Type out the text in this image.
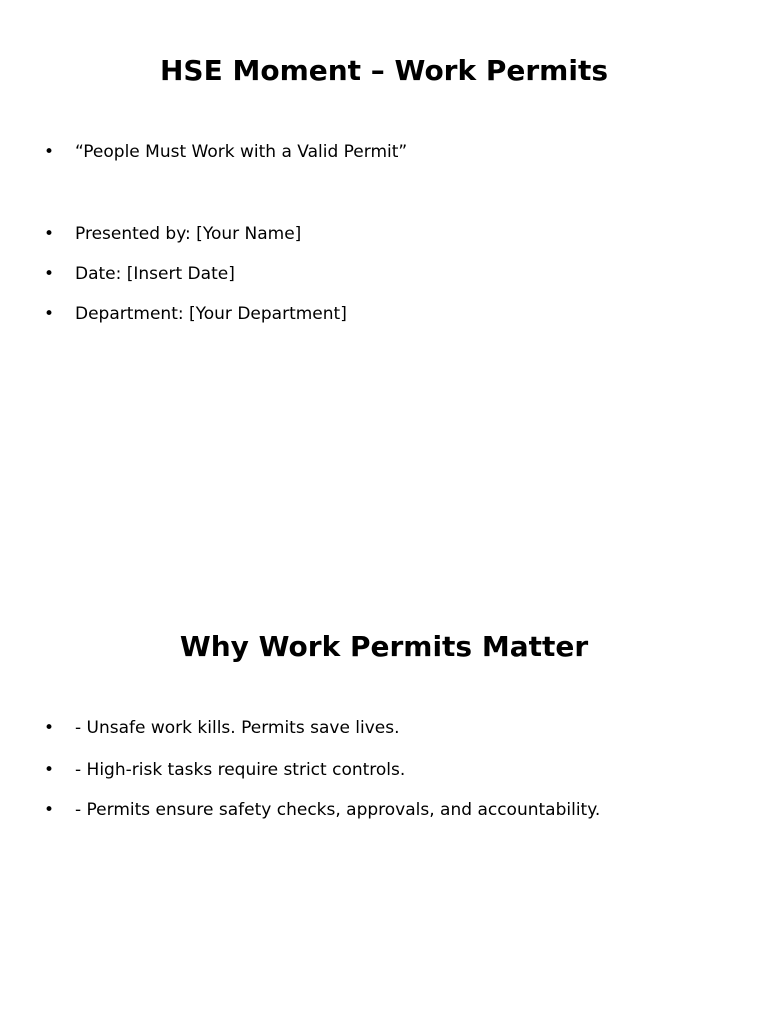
HSE Moment – Work Permits
•	“People Must Work with a Valid Permit”
•	Presented by: [Your Name]
•	Date: [Insert Date]
•	Department: [Your Department]
Why Work Permits Matter
•	- Unsafe work kills. Permits save lives.
•	- High-risk tasks require strict controls.
•	- Permits ensure safety checks, approvals, and accountability.
